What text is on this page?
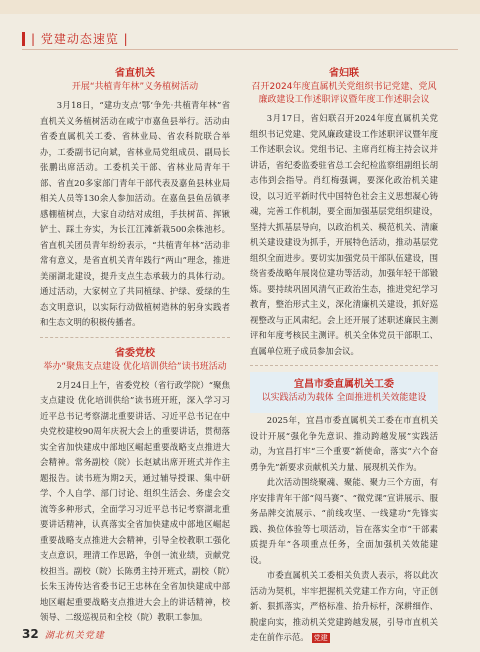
| 党建动态速览 |
省直机关
开展“共植青年林”义务植树活动

3月18日，“建功支点‘鄂’争先·共植青年林”省直机关义务植树活动在咸宁市嘉鱼县举行。活动由省委直属机关工委、省林业局、省农科院联合举办，工委副书记向斌，省林业局党组成员、副局长张鹏出席活动。工委机关干部、省林业局青年干部、省直20多家部门青年干部代表及嘉鱼县林业局相关人员等130余人参加活动。在嘉鱼县鱼岳镇孝感棚植树点，大家自动结对成组，手扶树苗、挥锹铲土、踩土夯实，为长江江滩新栽500余株池杉。省直机关团员青年纷纷表示，“共植青年林”活动非常有意义，是省直机关青年践行“两山”理念，推进美丽湖北建设，提升支点生态承载力的具体行动。通过活动，大家树立了共同植绿、护绿、爱绿的生态文明意识，以实际行动做植树造林的躬身实践者和生态文明的积极传播者。

省委党校
举办“聚焦支点建设 优化培训供给”读书班活动

2月24日上午，省委党校（省行政学院）“聚焦支点建设 优化培训供给”读书班开班，深入学习习近平总书记考察湖北重要讲话、习近平总书记在中央党校建校90周年庆祝大会上的重要讲话，贯彻落实全省加快建成中部地区崛起重要战略支点推进大会精神。常务副校（院）长赵斌出席开班式并作主题报告。读书班为期2天，通过辅导授课、集中研学、个人自学、部门讨论、组织生活会、务虚会交流等多种形式，全面学习习近平总书记考察湖北重要讲话精神，认真落实全省加快建成中部地区崛起重要战略支点推进大会精神，引导全校教职工强化支点意识，理清工作思路，争创一流业绩，贡献党校担当。副校（院）长陈勇主持开班式，副校（院）长朱玉涛传达省委书记王忠林在全省加快建成中部地区崛起重要战略支点推进大会上的讲话精神，校领导、二级巡视员和全校（院）教职工参加。

省妇联
召开2024年度直属机关党组织书记党建、党风廉政建设工作述职评议暨年度工作述职会议

3月17日，省妇联召开2024年度直属机关党组织书记党建、党风廉政建设工作述职评议暨年度工作述职会议。党组书记、主席肖红梅主持会议并讲话，省纪委监委驻省总工会纪检监察组副组长胡志伟到会指导。肖红梅强调，要深化政治机关建设，以习近平新时代中国特色社会主义思想凝心铸魂，完善工作机制，要全面加强基层党组织建设，坚持大抓基层导向，以政治机关、模范机关、清廉机关建设建设为抓手，开展特色活动，推动基层党组织全面进步。要切实加强党员干部队伍建设，围绕省委战略年展岗位建功等活动，加强年轻干部锻炼。要持续巩固风清气正政治生态，推进党纪学习教育，整治形式主义，深化清廉机关建设，抓好巡视整改与正风肃纪。会上还开展了述职述廉民主测评和年度考核民主测评。机关全体党员干部职工、直属单位班子成员参加会议。

宜昌市委直属机关工委
以实践活动为载体 全面推进机关效能建设

2025年，宜昌市委直属机关工委在市直机关设计开展“强化争先意识、推动跨越发展”实践活动，为宜昌打牢“三个重要”新使命，落实“六个奋勇争先”新要求贡献机关力量、展现机关作为。

此次活动围绕聚魂、聚能、聚力三个方面，有序安排青年干部“闯马赛”、“微党课”宣讲展示、服务品牌交流展示、“前线攻坚、一线建功”先锋实践、换位体验等七项活动，旨在落实全市“干部素质提升年”各项重点任务，全面加强机关效能建设。

市委直属机关工委相关负责人表示，将以此次活动为契机，牢牢把握机关党建工作方向，守正创新、狠抓落实，严格标准、抬升标杆，深耕细作、脱虚向实，推动机关党建跨越发展，引导市直机关走在前作示范。 党建

32 湖北机关党建
